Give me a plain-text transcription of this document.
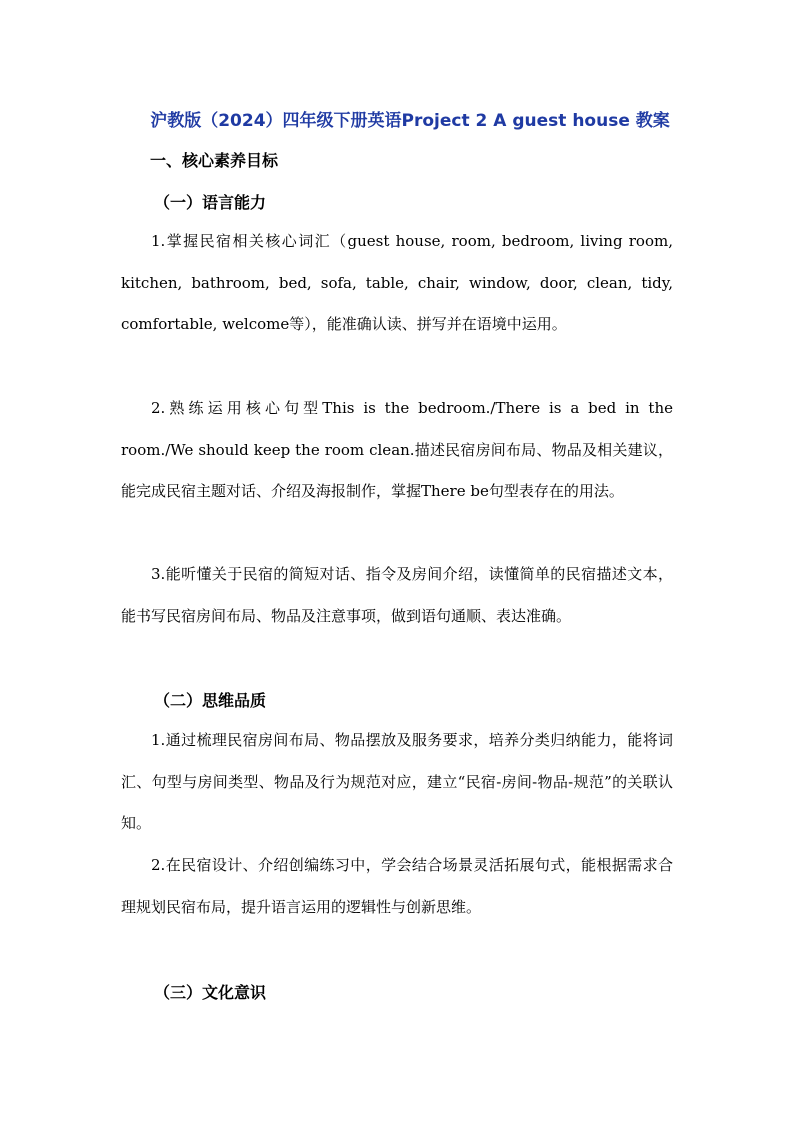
沪教版（2024）四年级下册英语Project 2 A guest house 教案
一、核心素养目标
（一）语言能力

1.掌握民宿相关核心词汇（guest house, room, bedroom, living room, kitchen, bathroom, bed, sofa, table, chair, window, door, clean, tidy, comfortable, welcome等），能准确认读、拼写并在语境中运用。

2.熟练运用核心句型This is the bedroom./There is a bed in the room./We should keep the room clean.描述民宿房间布局、物品及相关建议，能完成民宿主题对话、介绍及海报制作，掌握There be句型表存在的用法。

3.能听懂关于民宿的简短对话、指令及房间介绍，读懂简单的民宿描述文本，能书写民宿房间布局、物品及注意事项，做到语句通顺、表达准确。

（二）思维品质

1.通过梳理民宿房间布局、物品摆放及服务要求，培养分类归纳能力，能将词汇、句型与房间类型、物品及行为规范对应，建立“民宿-房间-物品-规范”的关联认知。

2.在民宿设计、介绍创编练习中，学会结合场景灵活拓展句式，能根据需求合理规划民宿布局，提升语言运用的逻辑性与创新思维。

（三）文化意识
